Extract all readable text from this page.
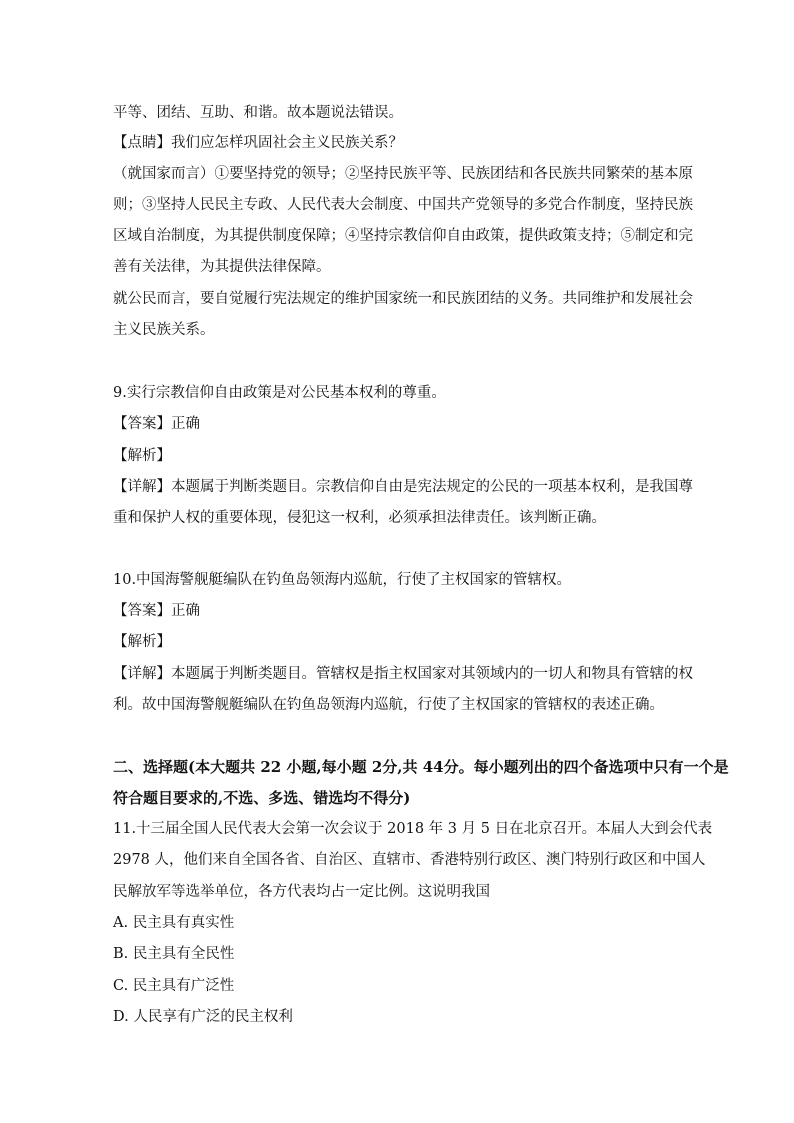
平等、团结、互助、和谐。故本题说法错误。
【点睛】我们应怎样巩固社会主义民族关系？
（就国家而言）①要坚持党的领导；②坚持民族平等、民族团结和各民族共同繁荣的基本原
则；③坚持人民民主专政、人民代表大会制度、中国共产党领导的多党合作制度，坚持民族
区域自治制度，为其提供制度保障；④坚持宗教信仰自由政策，提供政策支持；⑤制定和完
善有关法律，为其提供法律保障。
就公民而言，要自觉履行宪法规定的维护国家统一和民族团结的义务。共同维护和发展社会
主义民族关系。
9.实行宗教信仰自由政策是对公民基本权利的尊重。
【答案】正确
【解析】
【详解】本题属于判断类题目。宗教信仰自由是宪法规定的公民的一项基本权利，是我国尊
重和保护人权的重要体现，侵犯这一权利，必须承担法律责任。该判断正确。
10.中国海警舰艇编队在钓鱼岛领海内巡航，行使了主权国家的管辖权。
【答案】正确
【解析】
【详解】本题属于判断类题目。管辖权是指主权国家对其领域内的一切人和物具有管辖的权
利。故中国海警舰艇编队在钓鱼岛领海内巡航，行使了主权国家的管辖权的表述正确。
二、选择题(本大题共 22 小题,每小题 2分,共 44分。每小题列出的四个备选项中只有一个是
符合题目要求的,不选、多选、错选均不得分)
11.十三届全国人民代表大会第一次会议于 2018 年 3 月 5 日在北京召开。本届人大到会代表
2978 人，他们来自全国各省、自治区、直辖市、香港特别行政区、澳门特别行政区和中国人
民解放军等选举单位，各方代表均占一定比例。这说明我国
A. 民主具有真实性
B. 民主具有全民性
C. 民主具有广泛性
D. 人民享有广泛的民主权利
